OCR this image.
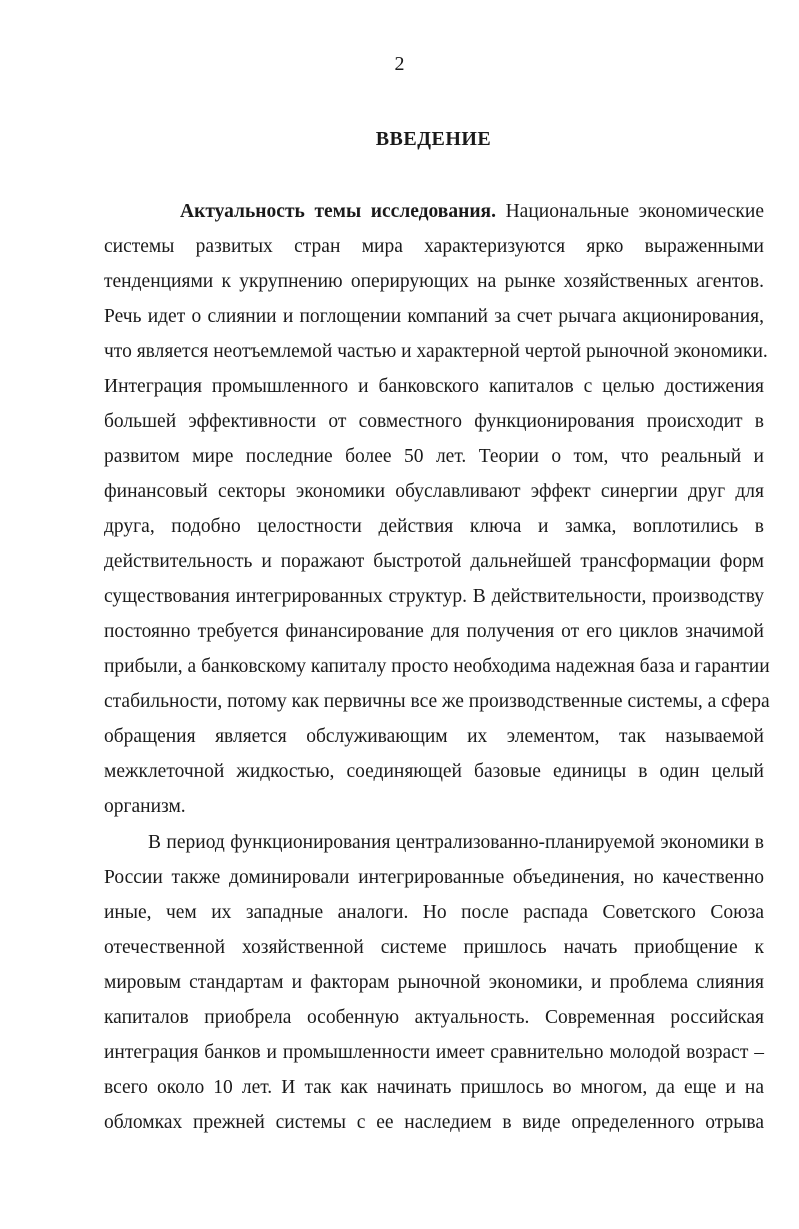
2
ВВЕДЕНИЕ
Актуальность темы исследования. Национальные экономические
системы развитых стран мира характеризуются ярко выраженными
тенденциями к укрупнению оперирующих на рынке хозяйственных агентов.
Речь идет о слиянии и поглощении компаний за счет рычага акционирования,
что является неотъемлемой частью и характерной чертой рыночной экономики.
Интеграция промышленного и банковского капиталов с целью достижения
большей эффективности от совместного функционирования происходит в
развитом мире последние более 50 лет. Теории о том, что реальный и
финансовый секторы экономики обуславливают эффект синергии друг для
друга, подобно целостности действия ключа и замка, воплотились в
действительность и поражают быстротой дальнейшей трансформации форм
существования интегрированных структур. В действительности, производству
постоянно требуется финансирование для получения от его циклов значимой
прибыли, а банковскому капиталу просто необходима надежная база и гарантии
стабильности, потому как первичны все же производственные системы, а сфера
обращения является обслуживающим их элементом, так называемой
межклеточной жидкостью, соединяющей базовые единицы в один целый
организм.
В период функционирования централизованно-планируемой экономики в
России также доминировали интегрированные объединения, но качественно
иные, чем их западные аналоги. Но после распада Советского Союза
отечественной хозяйственной системе пришлось начать приобщение к
мировым стандартам и факторам рыночной экономики, и проблема слияния
капиталов приобрела особенную актуальность. Современная российская
интеграция банков и промышленности имеет сравнительно молодой возраст –
всего около 10 лет. И так как начинать пришлось во многом, да еще и на
обломках прежней системы с ее наследием в виде определенного отрыва
